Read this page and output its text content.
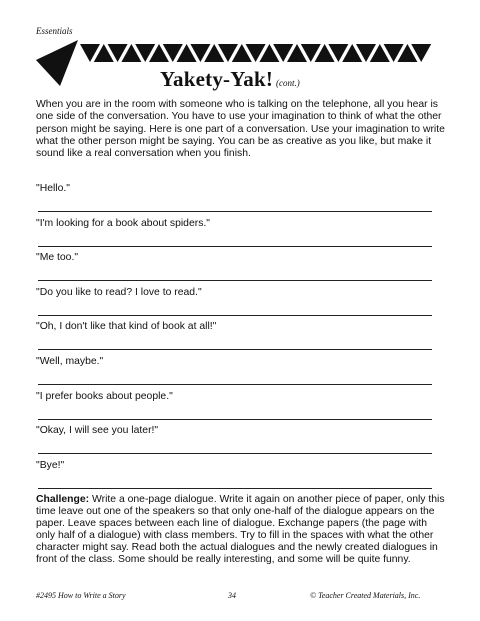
Essentials
Yakety-Yak! (cont.)
When you are in the room with someone who is talking on the telephone, all you hear is one side of the conversation. You have to use your imagination to think of what the other person might be saying. Here is one part of a conversation. Use your imagination to write what the other person might be saying. You can be as creative as you like, but make it sound like a real conversation when you finish.
"Hello."
"I'm looking for a book about spiders."
"Me too."
"Do you like to read? I love to read."
"Oh, I don't like that kind of book at all!"
"Well, maybe."
"I prefer books about people."
"Okay, I will see you later!"
"Bye!"
Challenge: Write a one-page dialogue. Write it again on another piece of paper, only this time leave out one of the speakers so that only one-half of the dialogue appears on the paper. Leave spaces between each line of dialogue. Exchange papers (the page with only half of a dialogue) with class members. Try to fill in the spaces with what the other character might say. Read both the actual dialogues and the newly created dialogues in front of the class. Some should be really interesting, and some will be quite funny.
#2495 How to Write a Story	34	© Teacher Created Materials, Inc.
